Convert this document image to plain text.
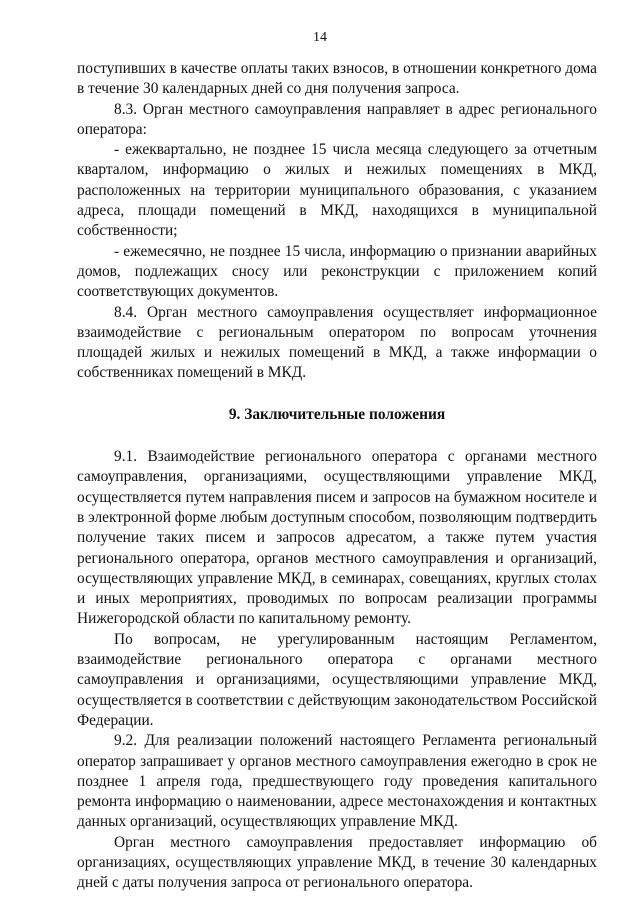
14

поступивших в качестве оплаты таких взносов, в отношении конкретного дома в течение 30 календарных дней со дня получения запроса.

8.3. Орган местного самоуправления направляет в адрес регионального оператора:

- ежеквартально, не позднее 15 числа месяца следующего за отчетным кварталом, информацию о жилых и нежилых помещениях в МКД, расположенных на территории муниципального образования, с указанием адреса, площади помещений в МКД, находящихся в муниципальной собственности;

- ежемесячно, не позднее 15 числа, информацию о признании аварийных домов, подлежащих сносу или реконструкции с приложением копий соответствующих документов.

8.4. Орган местного самоуправления осуществляет информационное взаимодействие с региональным оператором по вопросам уточнения площадей жилых и нежилых помещений в МКД, а также информации о собственниках помещений в МКД.

9. Заключительные положения

9.1. Взаимодействие регионального оператора с органами местного самоуправления, организациями, осуществляющими управление МКД, осуществляется путем направления писем и запросов на бумажном носителе и в электронной форме любым доступным способом, позволяющим подтвердить получение таких писем и запросов адресатом, а также путем участия регионального оператора, органов местного самоуправления и организаций, осуществляющих управление МКД, в семинарах, совещаниях, круглых столах и иных мероприятиях, проводимых по вопросам реализации программы Нижегородской области по капитальному ремонту.

По вопросам, не урегулированным настоящим Регламентом, взаимодействие регионального оператора с органами местного самоуправления и организациями, осуществляющими управление МКД, осуществляется в соответствии с действующим законодательством Российской Федерации.

9.2. Для реализации положений настоящего Регламента региональный оператор запрашивает у органов местного самоуправления ежегодно в срок не позднее 1 апреля года, предшествующего году проведения капитального ремонта информацию о наименовании, адресе местонахождения и контактных данных организаций, осуществляющих управление МКД.

Орган местного самоуправления предоставляет информацию об организациях, осуществляющих управление МКД, в течение 30 календарных дней с даты получения запроса от регионального оператора.
